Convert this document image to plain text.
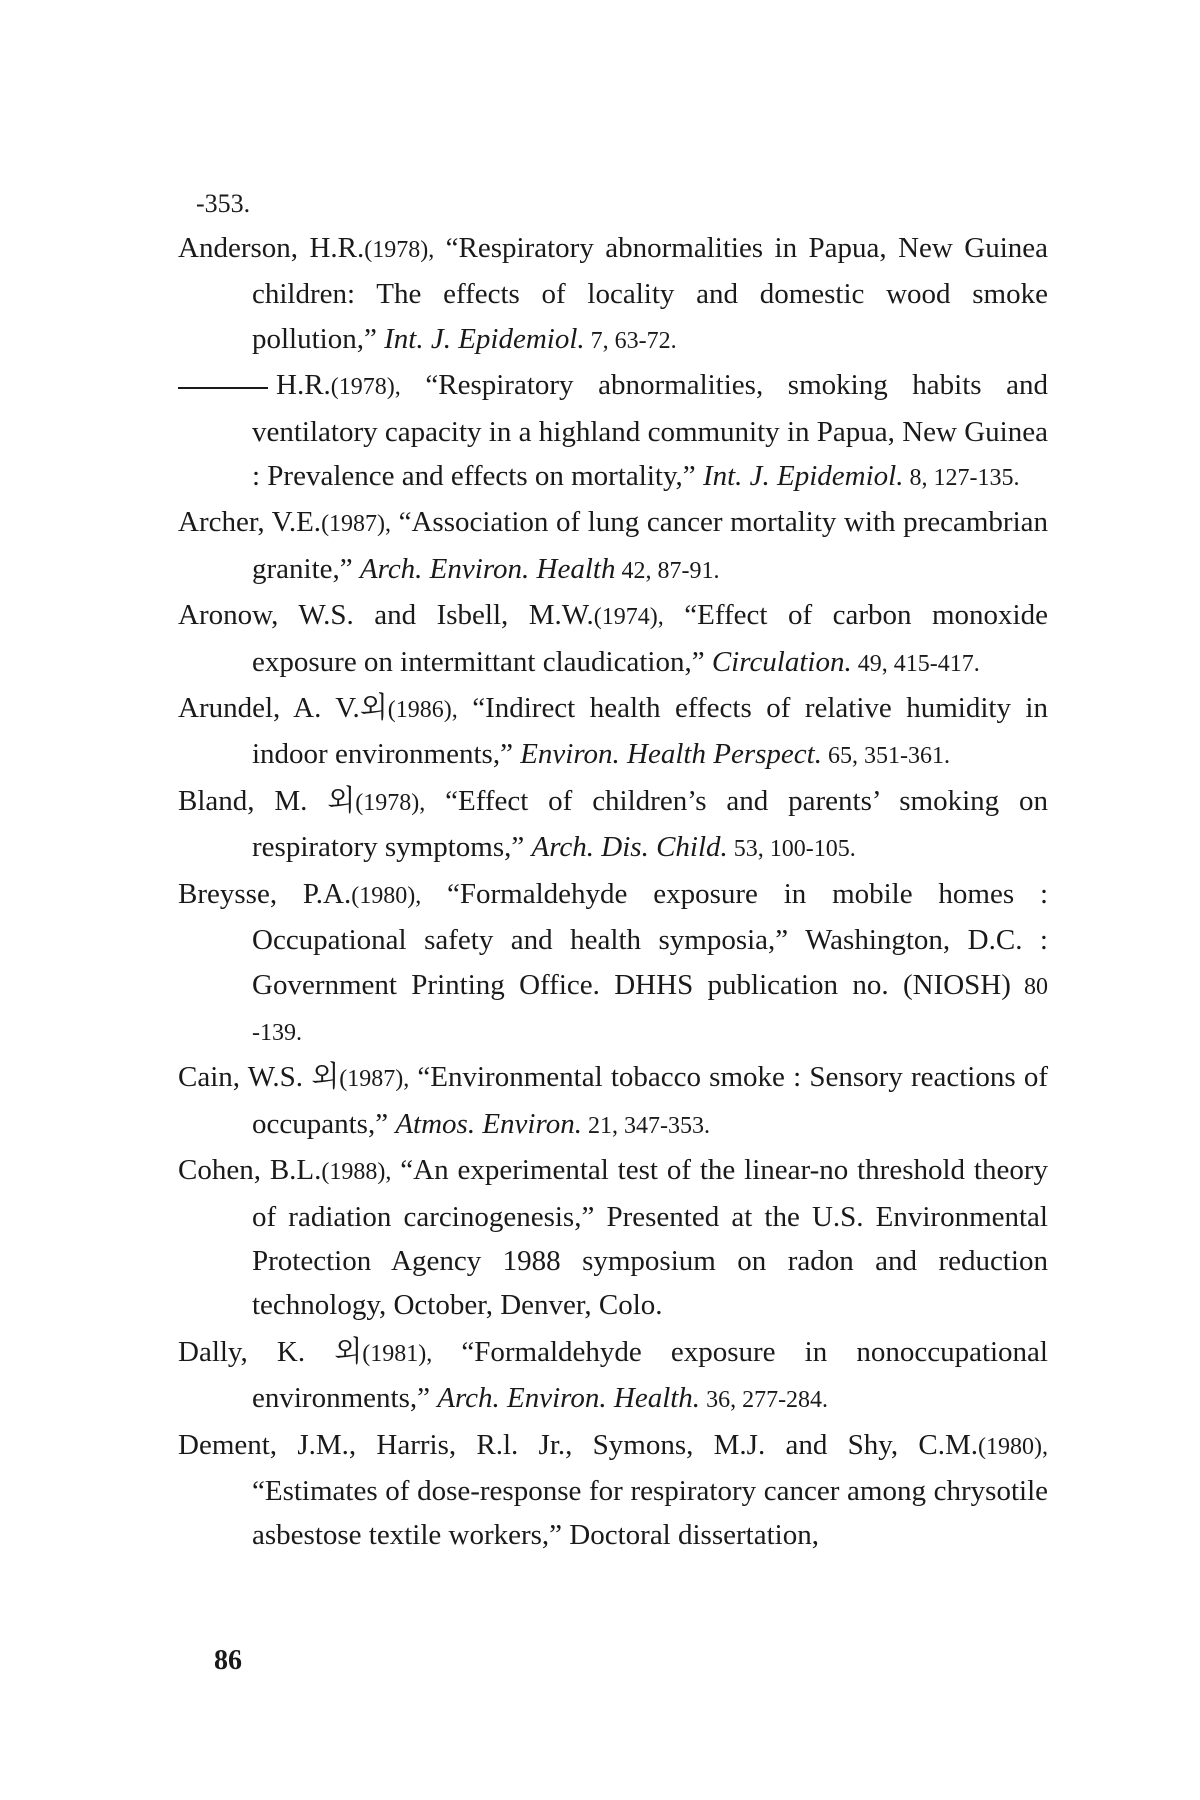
-353.

Anderson, H.R.(1978), “Respiratory abnormalities in Papua, New Guinea children: The effects of locality and domestic wood smoke pollution,” Int. J. Epidemiol. 7, 63-72.

H.R.(1978), “Respiratory abnormalities, smoking habits and ventilatory capacity in a highland community in Papua, New Guinea : Prevalence and effects on mortality,” Int. J. Epidemiol. 8, 127-135.

Archer, V.E.(1987), “Association of lung cancer mortality with precambrian granite,” Arch. Environ. Health 42, 87-91.

Aronow, W.S. and Isbell, M.W.(1974), “Effect of carbon monoxide exposure on intermittant claudication,” Circulation. 49, 415-417.

Arundel, A. V.외(1986), “Indirect health effects of relative humidity in indoor environments,” Environ. Health Perspect. 65, 351-361.

Bland, M. 외(1978), “Effect of children’s and parents’ smoking on respiratory symptoms,” Arch. Dis. Child. 53, 100-105.

Breysse, P.A.(1980), “Formaldehyde exposure in mobile homes : Occupational safety and health symposia,” Washington, D.C. : Government Printing Office. DHHS publication no. (NIOSH) 80 -139.

Cain, W.S. 외(1987), “Environmental tobacco smoke : Sensory reactions of occupants,” Atmos. Environ. 21, 347-353.

Cohen, B.L.(1988), “An experimental test of the linear-no threshold theory of radiation carcinogenesis,” Presented at the U.S. Environmental Protection Agency 1988 symposium on radon and reduction technology, October, Denver, Colo.

Dally, K. 외(1981), “Formaldehyde exposure in nonoccupational environments,” Arch. Environ. Health. 36, 277-284.

Dement, J.M., Harris, R.l. Jr., Symons, M.J. and Shy, C.M.(1980), “Estimates of dose-response for respiratory cancer among chrysotile asbestose textile workers,” Doctoral dissertation,

86
